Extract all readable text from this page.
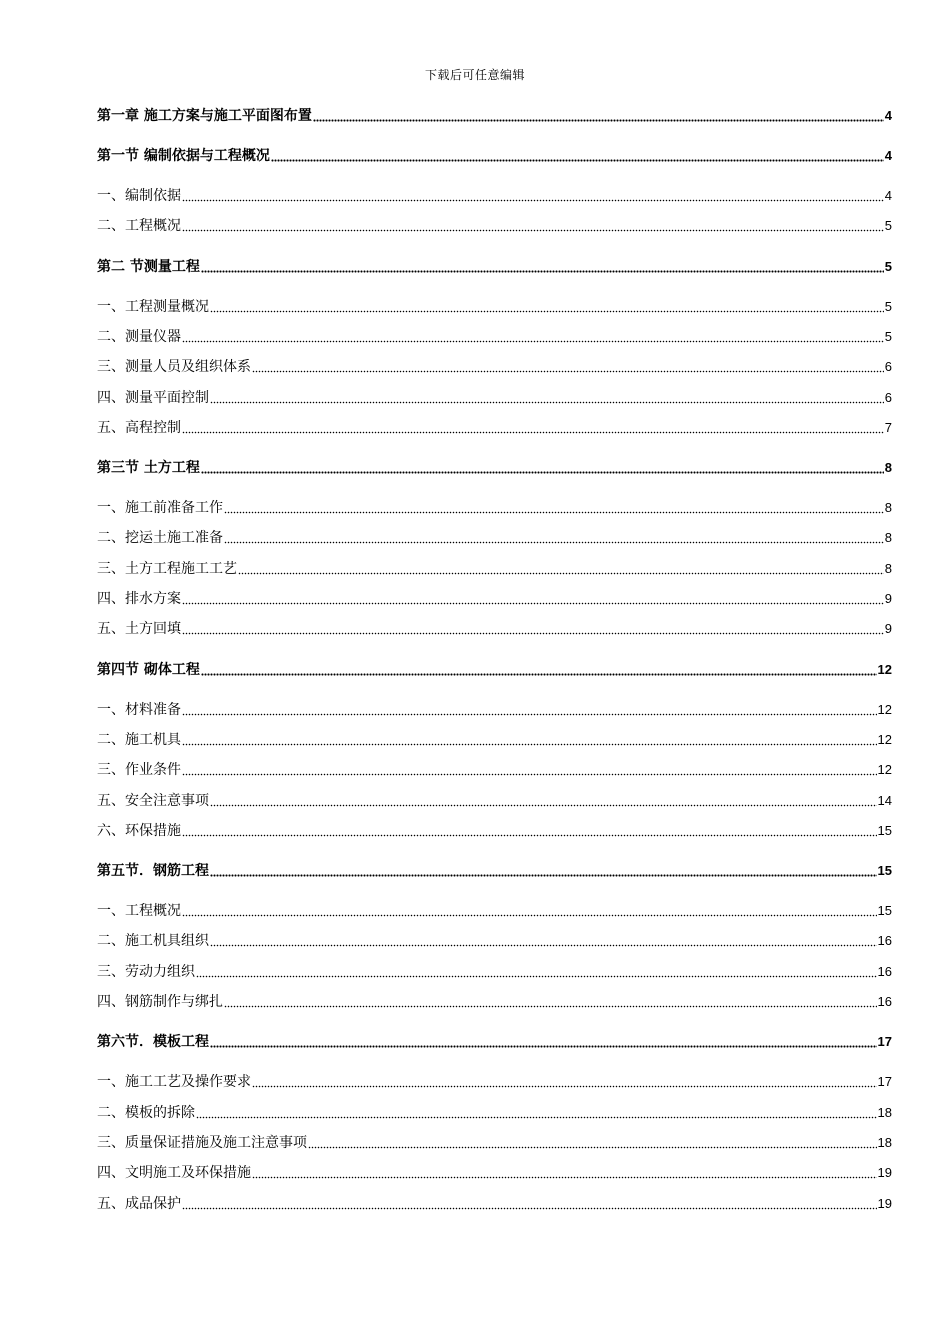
下载后可任意编辑
第一章 施工方案与施工平面图布置	4
第一节 编制依据与工程概况	4
一、编制依据	4
二、工程概况	5
第二 节测量工程	5
一、工程测量概况	5
二、测量仪器	5
三、测量人员及组织体系	6
四、测量平面控制	6
五、高程控制	7
第三节 土方工程	8
一、施工前准备工作	8
二、挖运土施工准备	8
三、土方工程施工工艺	8
四、排水方案	9
五、土方回填	9
第四节 砌体工程	12
一、材料准备	12
二、施工机具	12
三、作业条件	12
五、安全注意事项	14
六、环保措施	15
第五节．钢筋工程	15
一、工程概况	15
二、施工机具组织	16
三、劳动力组织	16
四、钢筋制作与绑扎	16
第六节．模板工程	17
一、施工工艺及操作要求	17
二、模板的拆除	18
三、质量保证措施及施工注意事项	18
四、文明施工及环保措施	19
五、成品保护	19
